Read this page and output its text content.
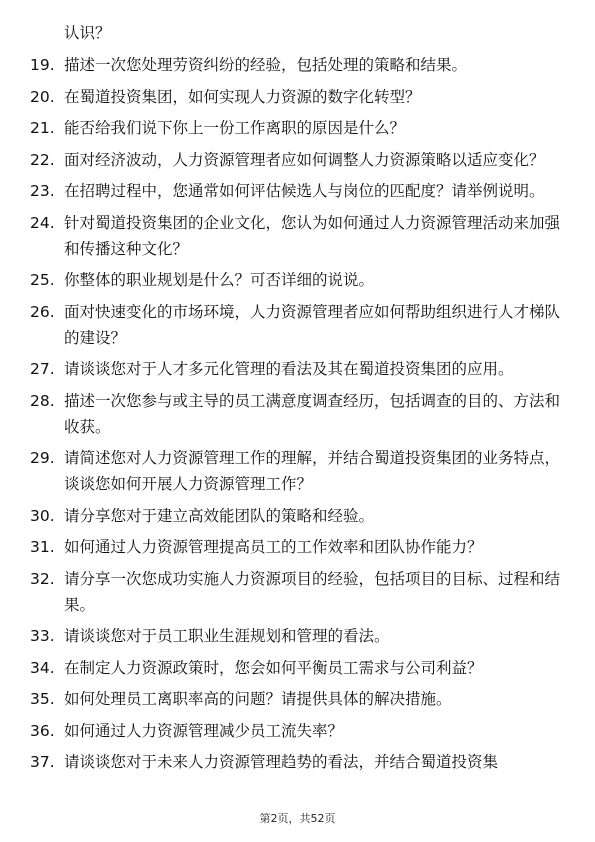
认识？
19. 描述一次您处理劳资纠纷的经验，包括处理的策略和结果。
20. 在蜀道投资集团，如何实现人力资源的数字化转型？
21. 能否给我们说下你上一份工作离职的原因是什么？
22. 面对经济波动，人力资源管理者应如何调整人力资源策略以适应变化？
23. 在招聘过程中，您通常如何评估候选人与岗位的匹配度？请举例说明。
24. 针对蜀道投资集团的企业文化，您认为如何通过人力资源管理活动来加强和传播这种文化？
25. 你整体的职业规划是什么？可否详细的说说。
26. 面对快速变化的市场环境，人力资源管理者应如何帮助组织进行人才梯队的建设？
27. 请谈谈您对于人才多元化管理的看法及其在蜀道投资集团的应用。
28. 描述一次您参与或主导的员工满意度调查经历，包括调查的目的、方法和收获。
29. 请简述您对人力资源管理工作的理解，并结合蜀道投资集团的业务特点，谈谈您如何开展人力资源管理工作？
30. 请分享您对于建立高效能团队的策略和经验。
31. 如何通过人力资源管理提高员工的工作效率和团队协作能力？
32. 请分享一次您成功实施人力资源项目的经验，包括项目的目标、过程和结果。
33. 请谈谈您对于员工职业生涯规划和管理的看法。
34. 在制定人力资源政策时，您会如何平衡员工需求与公司利益？
35. 如何处理员工离职率高的问题？请提供具体的解决措施。
36. 如何通过人力资源管理减少员工流失率？
37. 请谈谈您对于未来人力资源管理趋势的看法，并结合蜀道投资集
第2页，共52页
